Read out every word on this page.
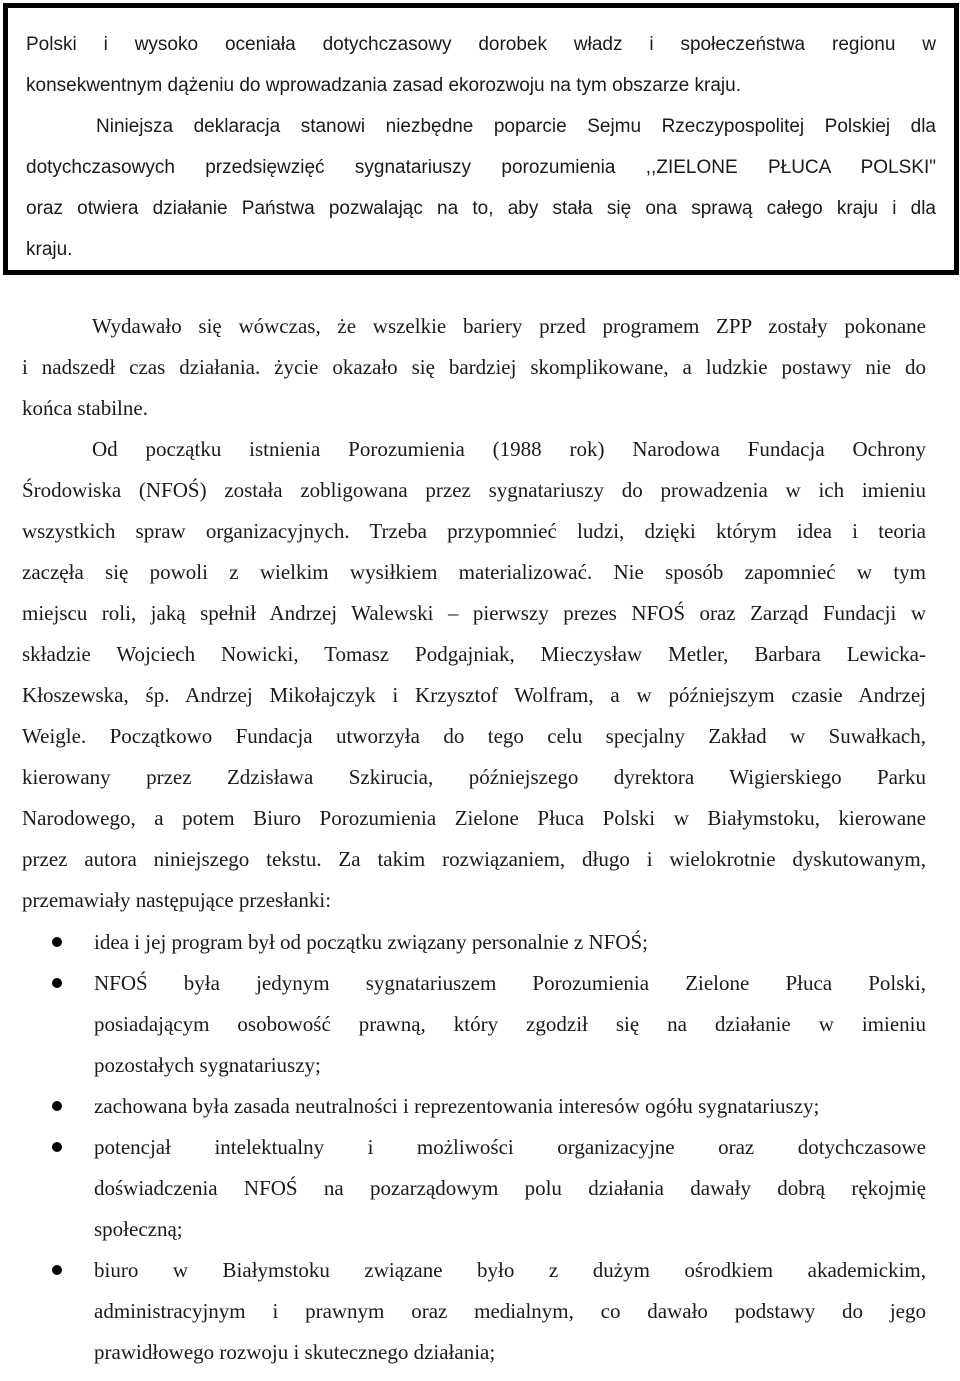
Polski i wysoko oceniała dotychczasowy dorobek władz i społeczeństwa regionu w
konsekwentnym dążeniu do wprowadzania zasad ekorozwoju na tym obszarze kraju.
Niniejsza deklaracja stanowi niezbędne poparcie Sejmu Rzeczypospolitej Polskiej dla
dotychczasowych przedsięwzięć sygnatariuszy porozumienia ,,ZIELONE PŁUCA POLSKI"
oraz otwiera działanie Państwa pozwalając na to, aby stała się ona sprawą całego kraju i dla
kraju.
Wydawało się wówczas, że wszelkie bariery przed programem ZPP zostały pokonane
i nadszedł czas działania. życie okazało się bardziej skomplikowane, a ludzkie postawy nie do
końca stabilne.
Od początku istnienia Porozumienia (1988 rok) Narodowa Fundacja Ochrony
Środowiska (NFOŚ) została zobligowana przez sygnatariuszy do prowadzenia w ich imieniu
wszystkich spraw organizacyjnych. Trzeba przypomnieć ludzi, dzięki którym idea i teoria
zaczęła się powoli z wielkim wysiłkiem materializować. Nie sposób zapomnieć w tym
miejscu roli, jaką spełnił Andrzej Walewski – pierwszy prezes NFOŚ oraz Zarząd Fundacji w
składzie Wojciech Nowicki, Tomasz Podgajniak, Mieczysław Metler, Barbara Lewicka-
Kłoszewska, śp. Andrzej Mikołajczyk i Krzysztof Wolfram, a w późniejszym czasie Andrzej
Weigle. Początkowo Fundacja utworzyła do tego celu specjalny Zakład w Suwałkach,
kierowany przez Zdzisława Szkirucia, późniejszego dyrektora Wigierskiego Parku
Narodowego, a potem Biuro Porozumienia Zielone Płuca Polski w Białymstoku, kierowane
przez autora niniejszego tekstu. Za takim rozwiązaniem, długo i wielokrotnie dyskutowanym,
przemawiały następujące przesłanki:
idea i jej program był od początku związany personalnie z NFOŚ;
NFOŚ była jedynym sygnatariuszem Porozumienia Zielone Płuca Polski,
posiadającym osobowość prawną, który zgodził się na działanie w imieniu
pozostałych sygnatariuszy;
zachowana była zasada neutralności i reprezentowania interesów ogółu sygnatariuszy;
potencjał intelektualny i możliwości organizacyjne oraz dotychczasowe
doświadczenia NFOŚ na pozarządowym polu działania dawały dobrą rękojmię
społeczną;
biuro w Białymstoku związane było z dużym ośrodkiem akademickim,
administracyjnym i prawnym oraz medialnym, co dawało podstawy do jego
prawidłowego rozwoju i skutecznego działania;
